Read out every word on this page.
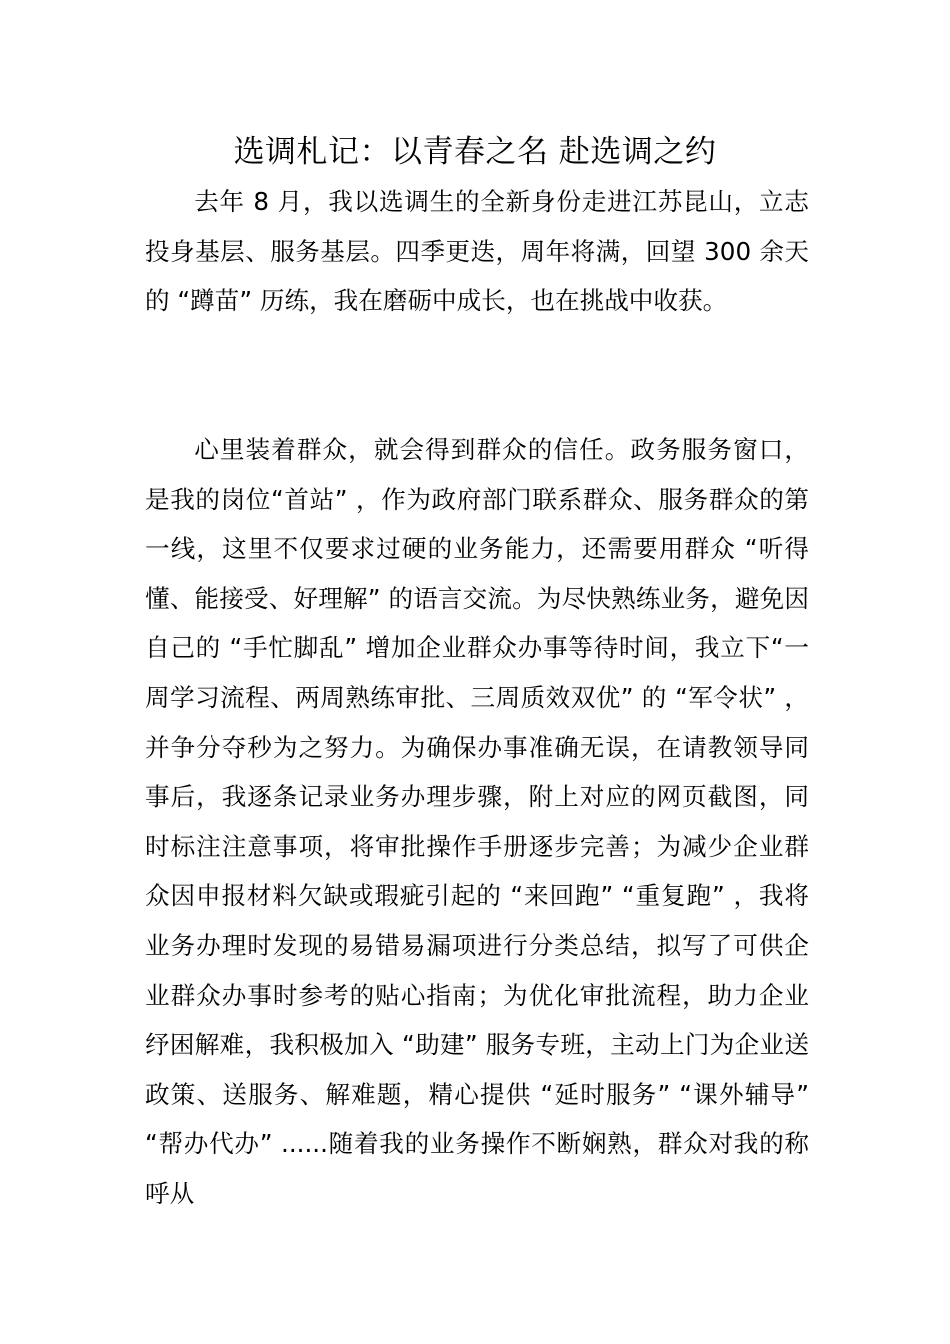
选调札记：以青春之名 赴选调之约

去年 8 月，我以选调生的全新身份走进江苏昆山，立志投身基层、服务基层。四季更迭，周年将满，回望 300 余天的 “蹲苗” 历练，我在磨砺中成长，也在挑战中收获。

心里装着群众，就会得到群众的信任。政务服务窗口，是我的岗位“首站” ，作为政府部门联系群众、服务群众的第一线，这里不仅要求过硬的业务能力，还需要用群众 “听得懂、能接受、好理解” 的语言交流。为尽快熟练业务，避免因自己的 “手忙脚乱” 增加企业群众办事等待时间，我立下“一周学习流程、两周熟练审批、三周质效双优” 的 “军令状” ，并争分夺秒为之努力。为确保办事准确无误，在请教领导同事后，我逐条记录业务办理步骤，附上对应的网页截图，同时标注注意事项，将审批操作手册逐步完善；为减少企业群众因申报材料欠缺或瑕疵引起的 “来回跑” “重复跑” ，我将业务办理时发现的易错易漏项进行分类总结，拟写了可供企业群众办事时参考的贴心指南；为优化审批流程，助力企业纾困解难，我积极加入 “助建” 服务专班，主动上门为企业送政策、送服务、解难题，精心提供 “延时服务” “课外辅导” “帮办代办” ......随着我的业务操作不断娴熟，群众对我的称呼从
